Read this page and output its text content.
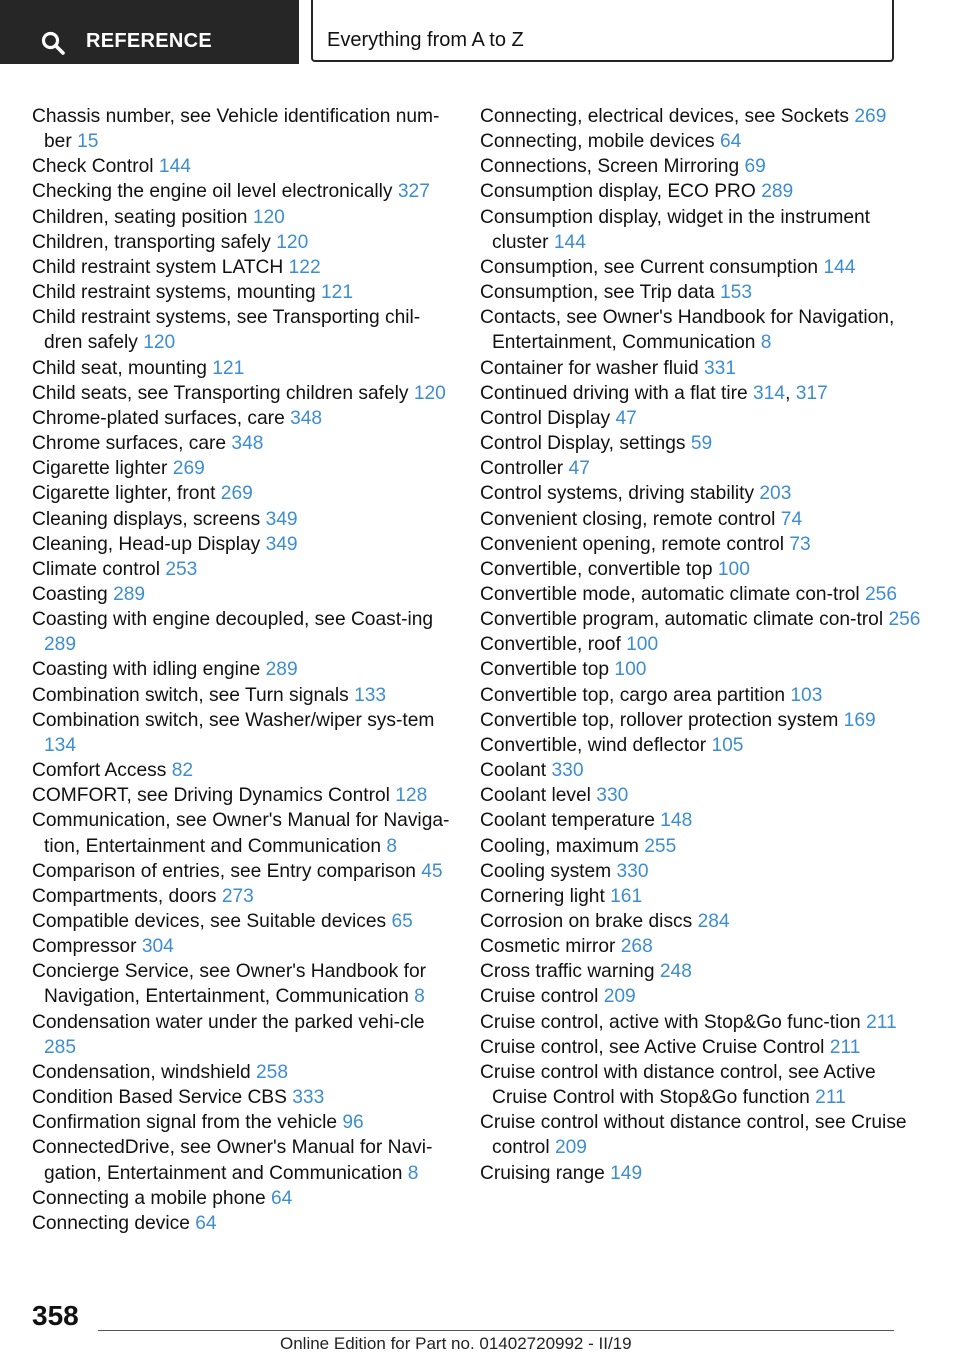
REFERENCE	Everything from A to Z
Chassis number, see Vehicle identification num‐ber 15
Check Control 144
Checking the engine oil level electronically 327
Children, seating position 120
Children, transporting safely 120
Child restraint system LATCH 122
Child restraint systems, mounting 121
Child restraint systems, see Transporting chil‐dren safely 120
Child seat, mounting 121
Child seats, see Transporting children safely 120
Chrome-plated surfaces, care 348
Chrome surfaces, care 348
Cigarette lighter 269
Cigarette lighter, front 269
Cleaning displays, screens 349
Cleaning, Head-up Display 349
Climate control 253
Coasting 289
Coasting with engine decoupled, see Coast‐ing 289
Coasting with idling engine 289
Combination switch, see Turn signals 133
Combination switch, see Washer/wiper sys‐tem 134
Comfort Access 82
COMFORT, see Driving Dynamics Control 128
Communication, see Owner's Manual for Naviga‐tion, Entertainment and Communication 8
Comparison of entries, see Entry comparison 45
Compartments, doors 273
Compatible devices, see Suitable devices 65
Compressor 304
Concierge Service, see Owner's Handbook for Navigation, Entertainment, Communication 8
Condensation water under the parked vehi‐cle 285
Condensation, windshield 258
Condition Based Service CBS 333
Confirmation signal from the vehicle 96
ConnectedDrive, see Owner's Manual for Navi‐gation, Entertainment and Communication 8
Connecting a mobile phone 64
Connecting device 64
Connecting, electrical devices, see Sockets 269
Connecting, mobile devices 64
Connections, Screen Mirroring 69
Consumption display, ECO PRO 289
Consumption display, widget in the instrument cluster 144
Consumption, see Current consumption 144
Consumption, see Trip data 153
Contacts, see Owner's Handbook for Navigation, Entertainment, Communication 8
Container for washer fluid 331
Continued driving with a flat tire 314, 317
Control Display 47
Control Display, settings 59
Controller 47
Control systems, driving stability 203
Convenient closing, remote control 74
Convenient opening, remote control 73
Convertible, convertible top 100
Convertible mode, automatic climate con‐trol 256
Convertible program, automatic climate con‐trol 256
Convertible, roof 100
Convertible top 100
Convertible top, cargo area partition 103
Convertible top, rollover protection system 169
Convertible, wind deflector 105
Coolant 330
Coolant level 330
Coolant temperature 148
Cooling, maximum 255
Cooling system 330
Cornering light 161
Corrosion on brake discs 284
Cosmetic mirror 268
Cross traffic warning 248
Cruise control 209
Cruise control, active with Stop&Go func‐tion 211
Cruise control, see Active Cruise Control 211
Cruise control with distance control, see Active Cruise Control with Stop&Go function 211
Cruise control without distance control, see Cruise control 209
Cruising range 149
358
Online Edition for Part no. 01402720992 - II/19
